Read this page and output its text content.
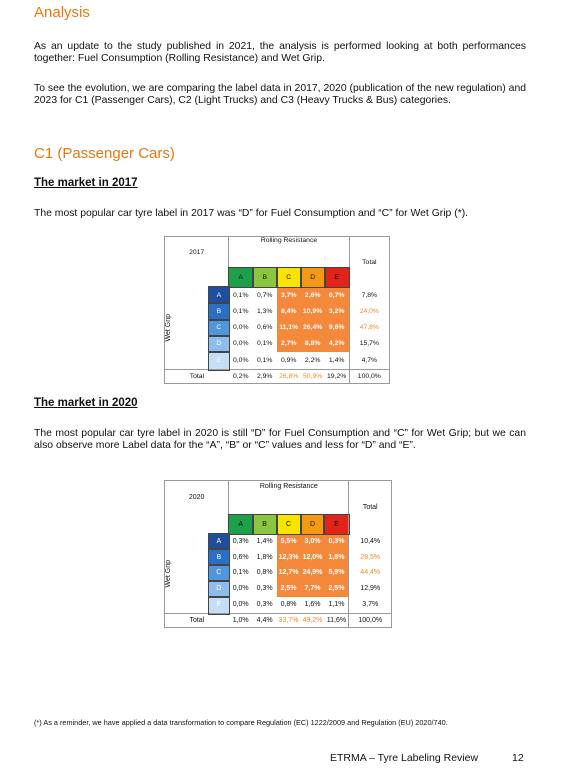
Analysis
As an update to the study published in 2021, the analysis is performed looking at both performances together: Fuel Consumption (Rolling Resistance) and Wet Grip.
To see the evolution, we are comparing the label data in 2017, 2020 (publication of the new regulation) and 2023 for C1 (Passenger Cars), C2 (Light Trucks) and C3 (Heavy Trucks & Bus) categories.
C1 (Passenger Cars)
The market in 2017
The most popular car tyre label in 2017 was “D” for Fuel Consumption and “C” for Wet Grip (*).
2017		Rolling Resistance					Total
		A	B	C	D	E	

Wet Grip	A	0,1%	0,7%	3,7%	2,6%	0,7%	7,8%
	B	0,1%	1,3%	8,4%	10,9%	3,2%	24,0%
	C	0,0%	0,6%	11,1%	26,4%	9,6%	47,8%
	D	0,0%	0,1%	2,7%	8,8%	4,2%	15,7%
	E	0,0%	0,1%	0,9%	2,2%	1,4%	4,7%
Total		0,2%	2,9%	26,8%	50,9%	19,2%	100,0%
The market in 2020
The most popular car tyre label in 2020 is still “D” for Fuel Consumption and “C” for Wet Grip; but we can also observe more Label data for the “A”, “B” or “C” values and less for “D” and “E”.
2020		Rolling Resistance					Total
		A	B	C	D	E	

Wet Grip	A	0,3%	1,4%	5,5%	3,0%	0,3%	10,4%
	B	0,6%	1,8%	12,3%	12,0%	1,8%	28,5%
	C	0,1%	0,8%	12,7%	24,9%	5,9%	44,4%
	D	0,0%	0,3%	2,5%	7,7%	2,5%	12,9%
	E	0,0%	0,3%	0,8%	1,6%	1,1%	3,7%
Total		1,0%	4,4%	33,7%	49,2%	11,6%	100,0%
(*) As a reminder, we have applied a data transformation to compare Regulation (EC) 1222/2009 and Regulation (EU) 2020/740.
ETRMA – Tyre Labeling Review	12
